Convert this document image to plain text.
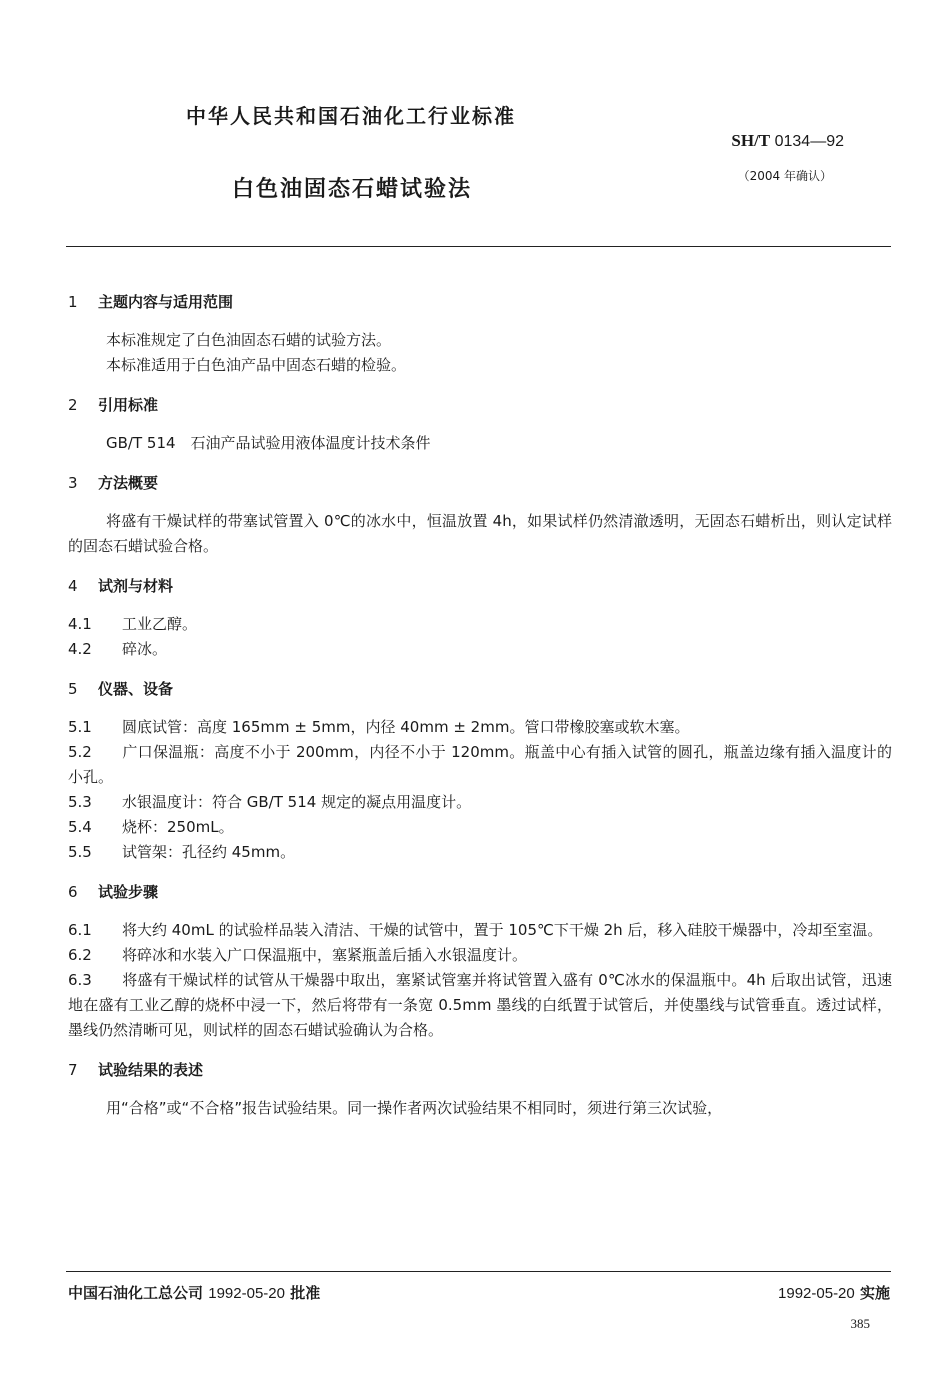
中华人民共和国石油化工行业标准
SH/T 0134—92
（2004 年确认）
白色油固态石蜡试验法
1 主题内容与适用范围

本标准规定了白色油固态石蜡的试验方法。

本标准适用于白色油产品中固态石蜡的检验。

2 引用标准

GB/T 514　石油产品试验用液体温度计技术条件

3 方法概要

将盛有干燥试样的带塞试管置入 0℃的冰水中，恒温放置 4h，如果试样仍然清澈透明，无固态石蜡析出，则认定试样的固态石蜡试验合格。

4 试剂与材料

4.1 工业乙醇。

4.2 碎冰。

5 仪器、设备

5.1 圆底试管：高度 165mm ± 5mm，内径 40mm ± 2mm。管口带橡胶塞或软木塞。

5.2 广口保温瓶：高度不小于 200mm，内径不小于 120mm。瓶盖中心有插入试管的圆孔，瓶盖边缘有插入温度计的小孔。

5.3 水银温度计：符合 GB/T 514 规定的凝点用温度计。

5.4 烧杯：250mL。

5.5 试管架：孔径约 45mm。

6 试验步骤

6.1 将大约 40mL 的试验样品装入清洁、干燥的试管中，置于 105℃下干燥 2h 后，移入硅胶干燥器中，冷却至室温。

6.2 将碎冰和水装入广口保温瓶中，塞紧瓶盖后插入水银温度计。

6.3 将盛有干燥试样的试管从干燥器中取出，塞紧试管塞并将试管置入盛有 0℃冰水的保温瓶中。4h 后取出试管，迅速地在盛有工业乙醇的烧杯中浸一下，然后将带有一条宽 0.5mm 墨线的白纸置于试管后，并使墨线与试管垂直。透过试样，墨线仍然清晰可见，则试样的固态石蜡试验确认为合格。

7 试验结果的表述

用“合格”或“不合格”报告试验结果。同一操作者两次试验结果不相同时，须进行第三次试验，

中国石油化工总公司 1992-05-20 批准	1992-05-20 实施
385
